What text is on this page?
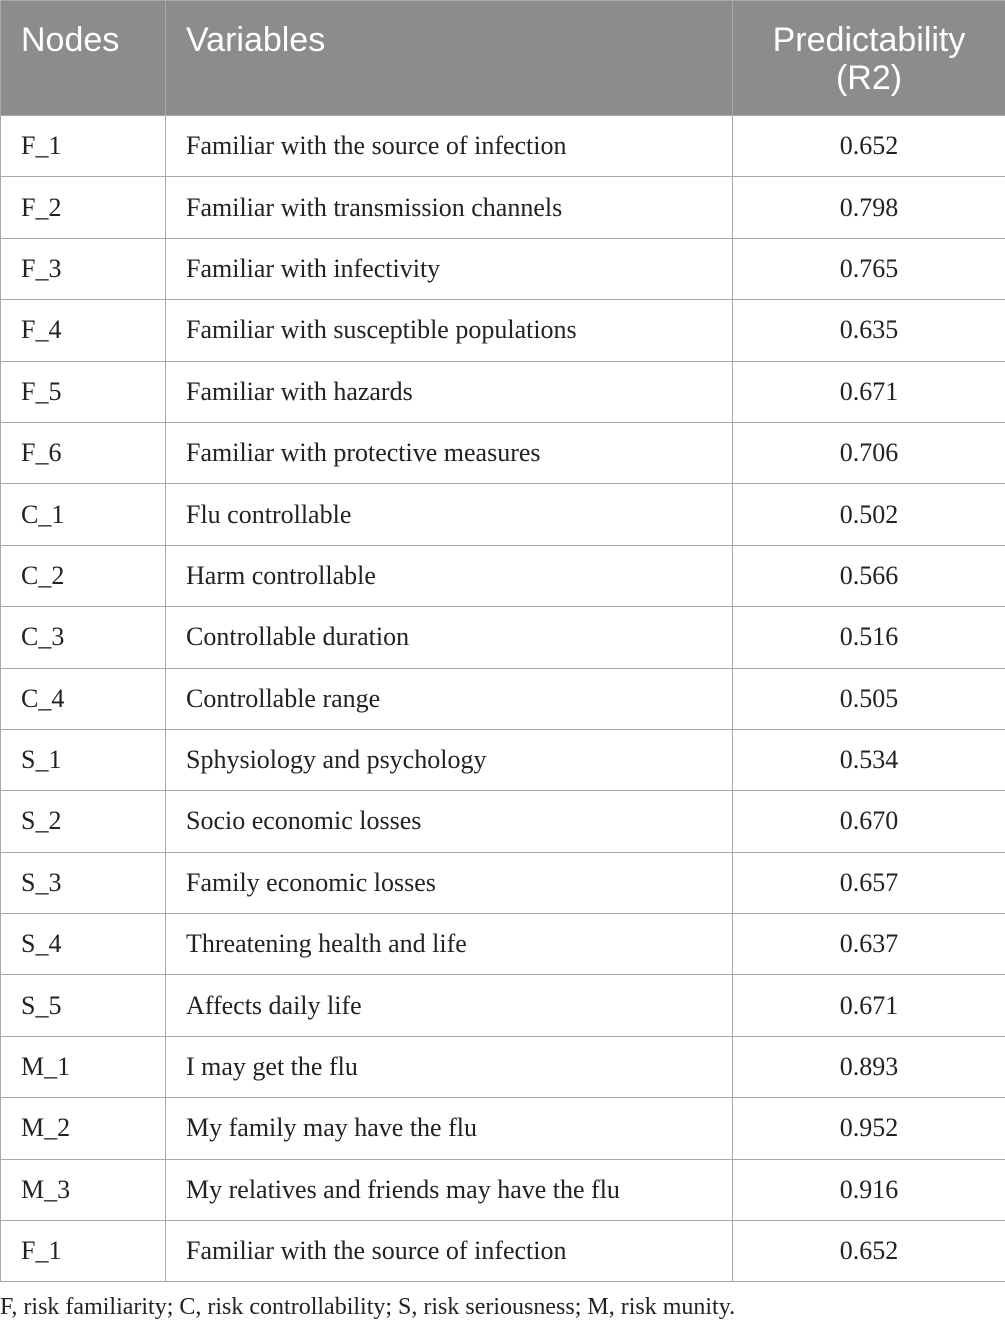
Nodes	Variables	Predictability
(R2)
F_1	Familiar with the source of infection	0.652
F_2	Familiar with transmission channels	0.798
F_3	Familiar with infectivity	0.765
F_4	Familiar with susceptible populations	0.635
F_5	Familiar with hazards	0.671
F_6	Familiar with protective measures	0.706
C_1	Flu controllable	0.502
C_2	Harm controllable	0.566
C_3	Controllable duration	0.516
C_4	Controllable range	0.505
S_1	Sphysiology and psychology	0.534
S_2	Socio economic losses	0.670
S_3	Family economic losses	0.657
S_4	Threatening health and life	0.637
S_5	Affects daily life	0.671
M_1	I may get the flu	0.893
M_2	My family may have the flu	0.952
M_3	My relatives and friends may have the flu	0.916
F_1	Familiar with the source of infection	0.652
F, risk familiarity; C, risk controllability; S, risk seriousness; M, risk munity.
